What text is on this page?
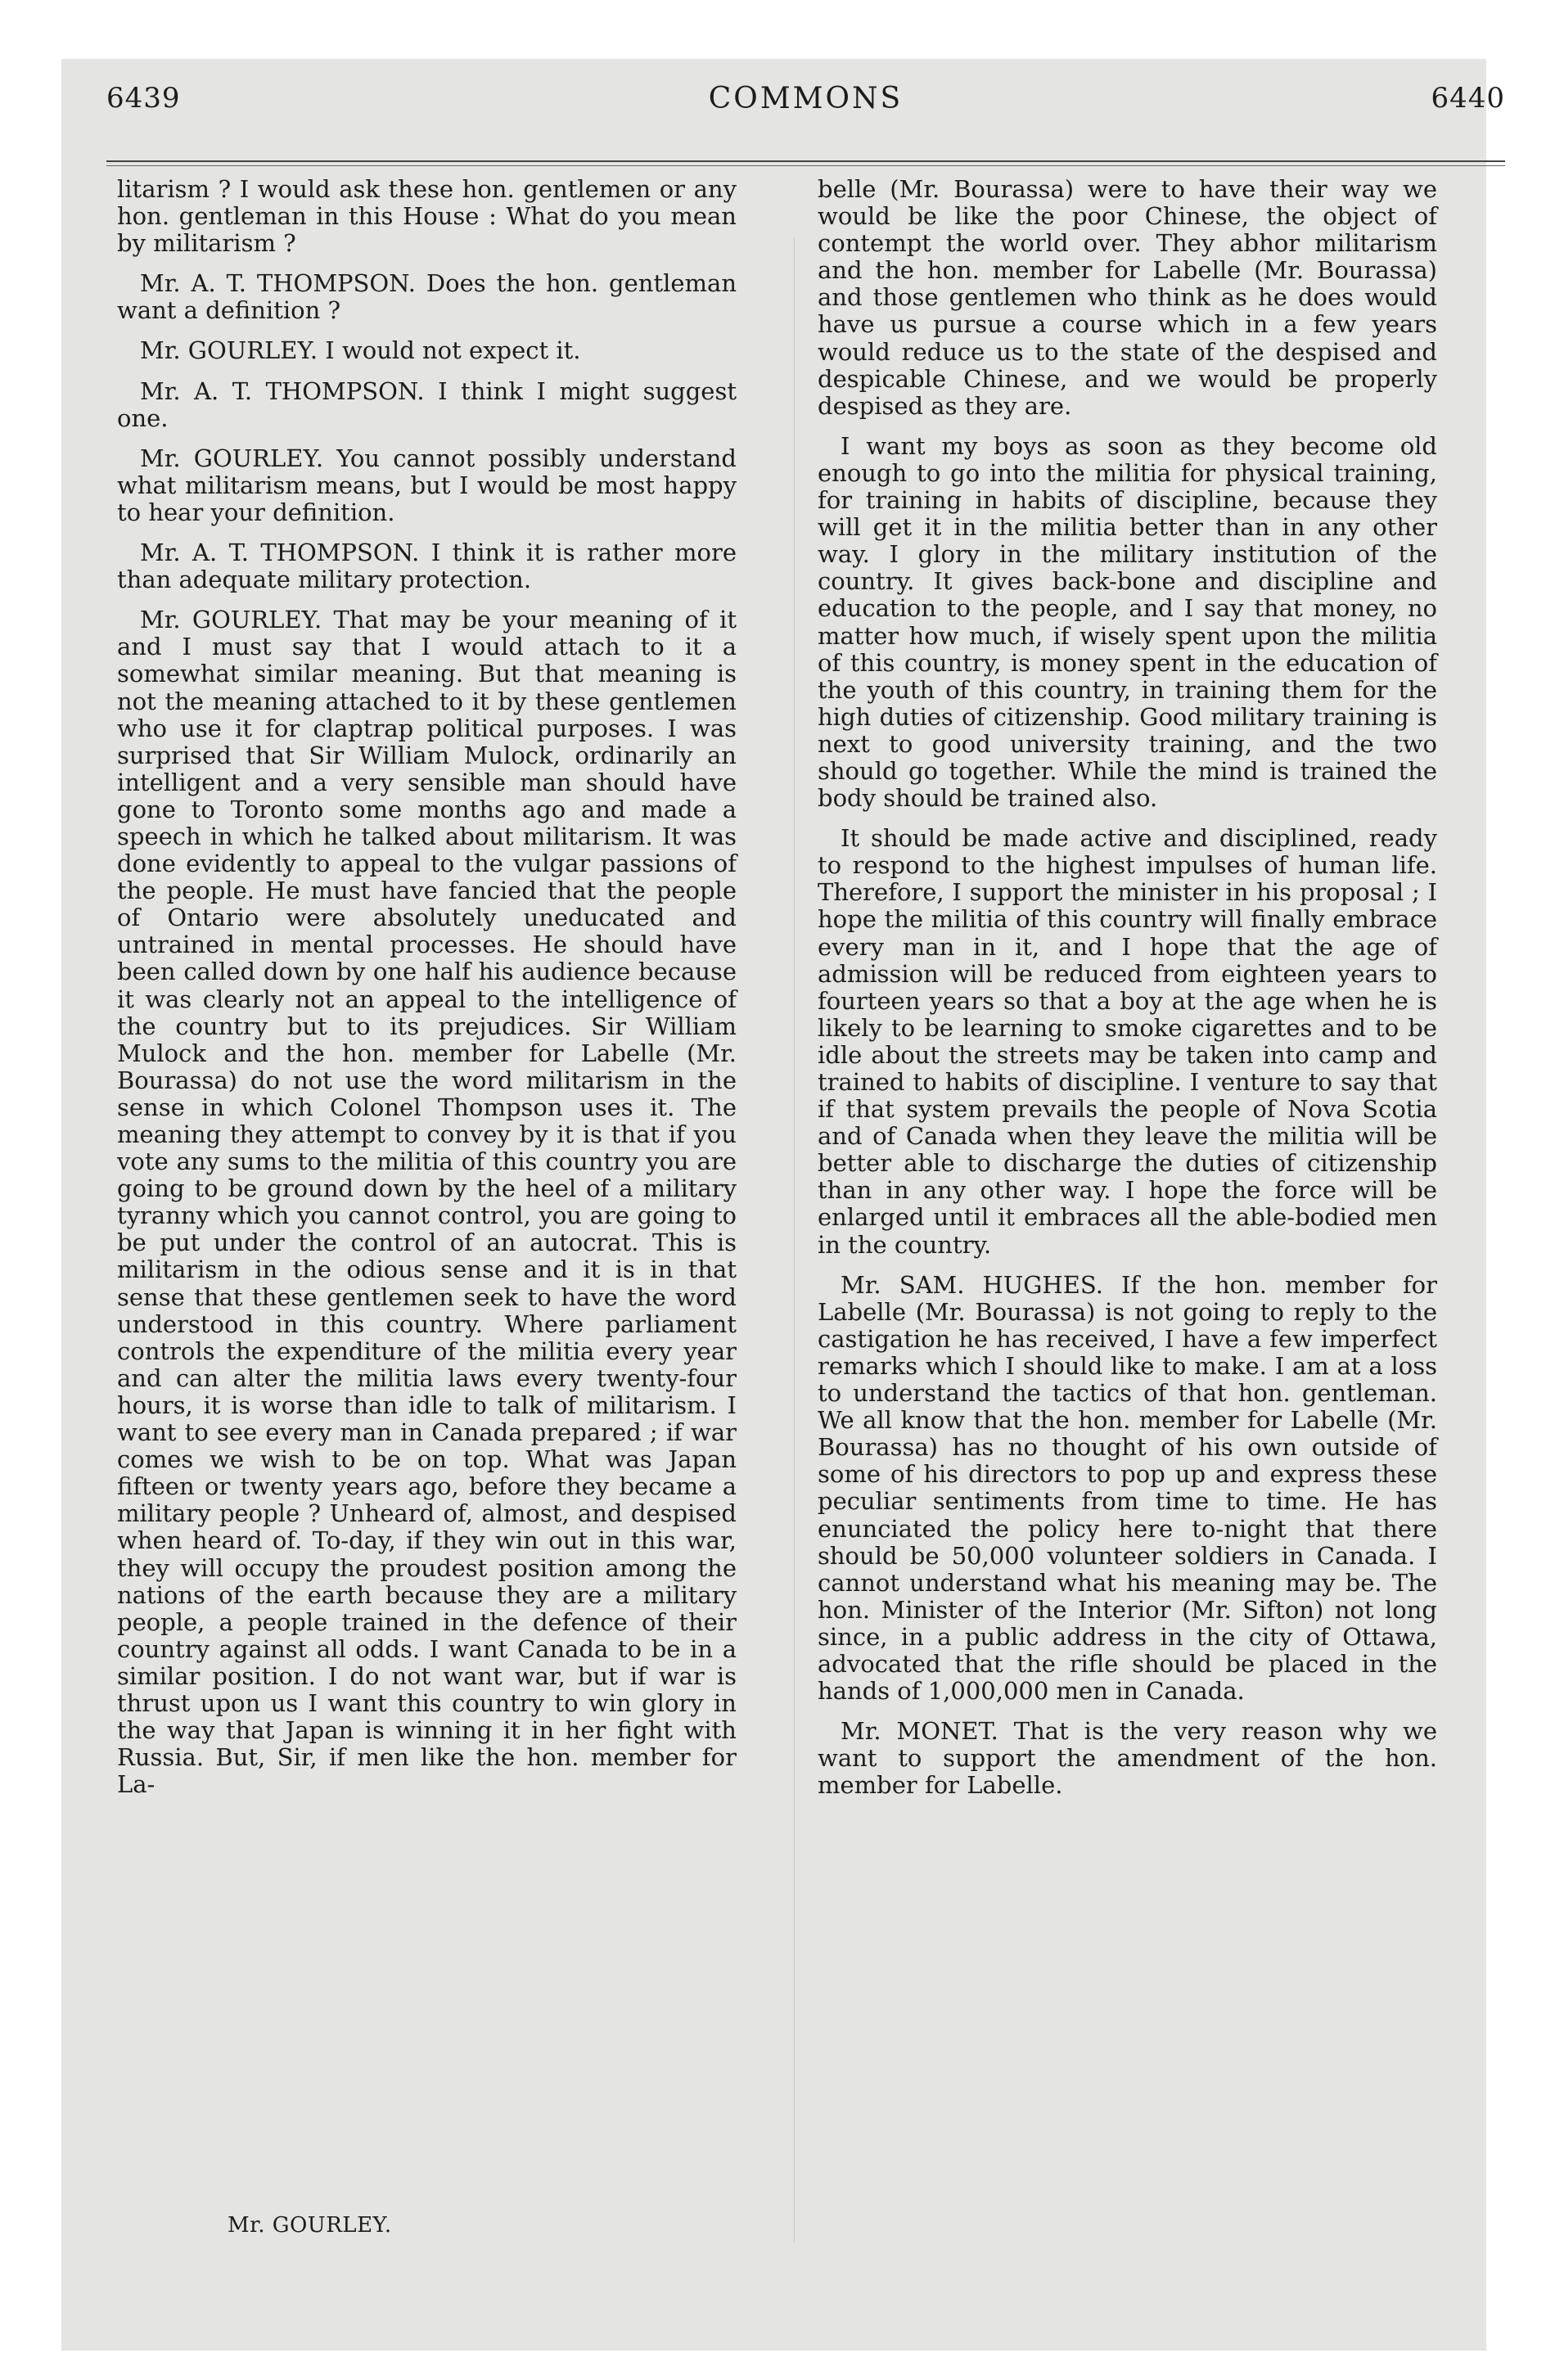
6439	COMMONS	6440

litarism ? I would ask these hon. gentlemen or any hon. gentleman in this House : What do you mean by militarism ?

Mr. A. T. THOMPSON. Does the hon. gentleman want a definition ?

Mr. GOURLEY. I would not expect it.

Mr. A. T. THOMPSON. I think I might suggest one.

Mr. GOURLEY. You cannot possibly understand what militarism means, but I would be most happy to hear your definition.

Mr. A. T. THOMPSON. I think it is rather more than adequate military protection.

Mr. GOURLEY. That may be your meaning of it and I must say that I would attach to it a somewhat similar meaning. But that meaning is not the meaning attached to it by these gentlemen who use it for claptrap political purposes. I was surprised that Sir William Mulock, ordinarily an intelligent and a very sensible man should have gone to Toronto some months ago and made a speech in which he talked about militarism. It was done evidently to appeal to the vulgar passions of the people. He must have fancied that the people of Ontario were absolutely uneducated and untrained in mental processes. He should have been called down by one half his audience because it was clearly not an appeal to the intelligence of the country but to its prejudices. Sir William Mulock and the hon. member for Labelle (Mr. Bourassa) do not use the word militarism in the sense in which Colonel Thompson uses it. The meaning they attempt to convey by it is that if you vote any sums to the militia of this country you are going to be ground down by the heel of a military tyranny which you cannot control, you are going to be put under the control of an autocrat. This is militarism in the odious sense and it is in that sense that these gentlemen seek to have the word understood in this country. Where parliament controls the expenditure of the militia every year and can alter the militia laws every twenty-four hours, it is worse than idle to talk of militarism. I want to see every man in Canada prepared ; if war comes we wish to be on top. What was Japan fifteen or twenty years ago, before they became a military people ? Unheard of, almost, and despised when heard of. To-day, if they win out in this war, they will occupy the proudest position among the nations of the earth because they are a military people, a people trained in the defence of their country against all odds. I want Canada to be in a similar position. I do not want war, but if war is thrust upon us I want this country to win glory in the way that Japan is winning it in her fight with Russia. But, Sir, if men like the hon. member for La-

belle (Mr. Bourassa) were to have their way we would be like the poor Chinese, the object of contempt the world over. They abhor militarism and the hon. member for Labelle (Mr. Bourassa) and those gentlemen who think as he does would have us pursue a course which in a few years would reduce us to the state of the despised and despicable Chinese, and we would be properly despised as they are.

I want my boys as soon as they become old enough to go into the militia for physical training, for training in habits of discipline, because they will get it in the militia better than in any other way. I glory in the military institution of the country. It gives back-bone and discipline and education to the people, and I say that money, no matter how much, if wisely spent upon the militia of this country, is money spent in the education of the youth of this country, in training them for the high duties of citizenship. Good military training is next to good university training, and the two should go together. While the mind is trained the body should be trained also.

It should be made active and disciplined, ready to respond to the highest impulses of human life. Therefore, I support the minister in his proposal ; I hope the militia of this country will finally embrace every man in it, and I hope that the age of admission will be reduced from eighteen years to fourteen years so that a boy at the age when he is likely to be learning to smoke cigarettes and to be idle about the streets may be taken into camp and trained to habits of discipline. I venture to say that if that system prevails the people of Nova Scotia and of Canada when they leave the militia will be better able to discharge the duties of citizenship than in any other way. I hope the force will be enlarged until it embraces all the able-bodied men in the country.

Mr. SAM. HUGHES. If the hon. member for Labelle (Mr. Bourassa) is not going to reply to the castigation he has received, I have a few imperfect remarks which I should like to make. I am at a loss to understand the tactics of that hon. gentleman. We all know that the hon. member for Labelle (Mr. Bourassa) has no thought of his own outside of some of his directors to pop up and express these peculiar sentiments from time to time. He has enunciated the policy here to-night that there should be 50,000 volunteer soldiers in Canada. I cannot understand what his meaning may be. The hon. Minister of the Interior (Mr. Sifton) not long since, in a public address in the city of Ottawa, advocated that the rifle should be placed in the hands of 1,000,000 men in Canada.

Mr. MONET. That is the very reason why we want to support the amendment of the hon. member for Labelle.

Mr. GOURLEY.
